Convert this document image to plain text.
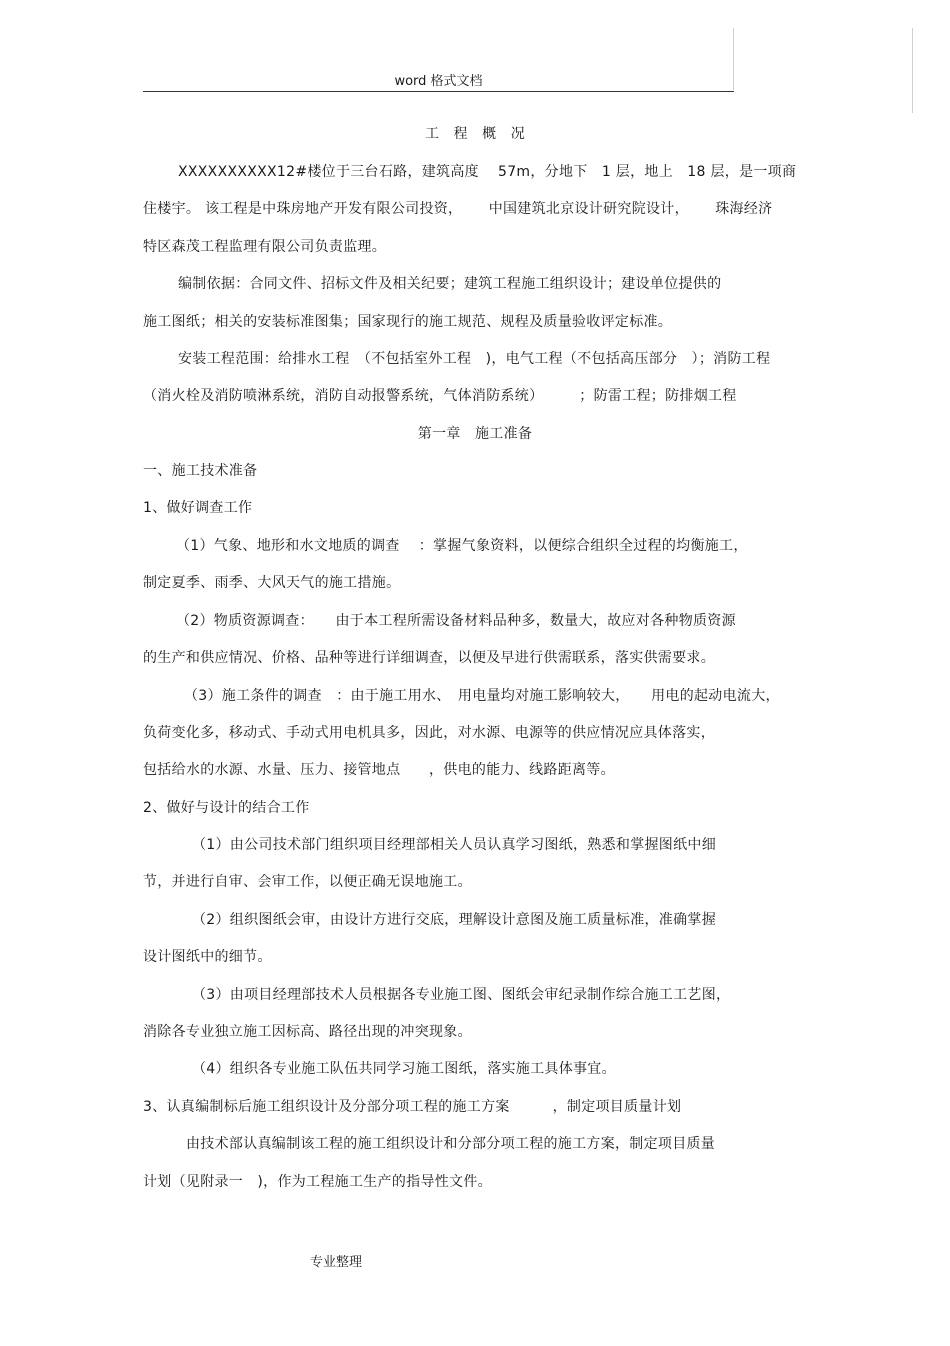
word 格式文档
工　程　概　况
XXXXXXXXXX12#楼位于三台石路，建筑高度　 57m，分地下　1 层，地上　18 层，是一项商
住楼宇。 该工程是中珠房地产开发有限公司投资，　　 中国建筑北京设计研究院设计，　　 珠海经济
特区森茂工程监理有限公司负责监理。
编制依据：合同文件、招标文件及相关纪要；建筑工程施工组织设计；建设单位提供的
施工图纸；相关的安装标准图集；国家现行的施工规范、规程及质量验收评定标准。
安装工程范围：给排水工程　（不包括室外工程　)，电气工程（不包括高压部分　）；消防工程
（消火栓及消防喷淋系统，消防自动报警系统，气体消防系统）　　　；防雷工程；防排烟工程
第一章　施工准备
一、施工技术准备
1、做好调查工作
（1）气象、地形和水文地质的调查　 ：掌握气象资料，以便综合组织全过程的均衡施工，
制定夏季、雨季、大风天气的施工措施。
（2）物质资源调查：　　由于本工程所需设备材料品种多，数量大，故应对各种物质资源
的生产和供应情况、价格、品种等进行详细调查，以便及早进行供需联系，落实供需要求。
（3）施工条件的调查　：由于施工用水、　用电量均对施工影响较大，　　用电的起动电流大，
负荷变化多，移动式、手动式用电机具多，因此，对水源、电源等的供应情况应具体落实，
包括给水的水源、水量、压力、接管地点　　，供电的能力、线路距离等。
2、做好与设计的结合工作
（1）由公司技术部门组织项目经理部相关人员认真学习图纸，熟悉和掌握图纸中细
节，并进行自审、会审工作，以便正确无误地施工。
（2）组织图纸会审，由设计方进行交底，理解设计意图及施工质量标准，准确掌握
设计图纸中的细节。
（3）由项目经理部技术人员根据各专业施工图、图纸会审纪录制作综合施工工艺图，
消除各专业独立施工因标高、路径出现的冲突现象。
（4）组织各专业施工队伍共同学习施工图纸，落实施工具体事宜。
3、认真编制标后施工组织设计及分部分项工程的施工方案　　　，制定项目质量计划
由技术部认真编制该工程的施工组织设计和分部分项工程的施工方案，制定项目质量
计划（见附录一　)，作为工程施工生产的指导性文件。
专业整理
